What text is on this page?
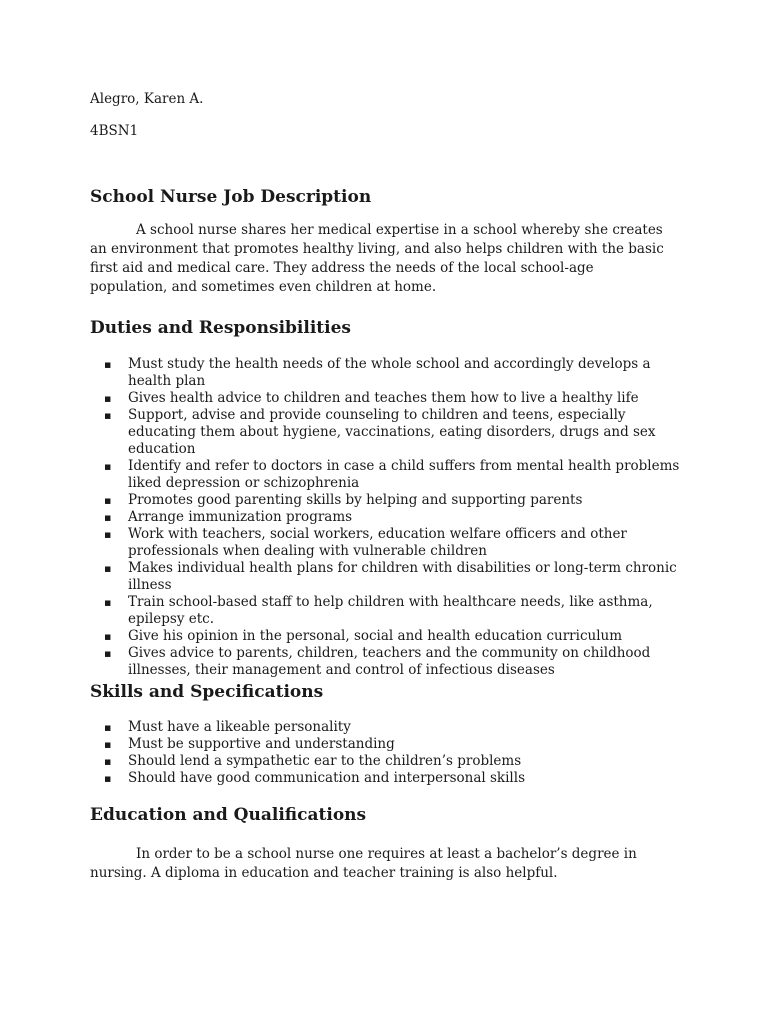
Alegro, Karen A.
4BSN1
School Nurse Job Description
A school nurse shares her medical expertise in a school whereby she creates an environment that promotes healthy living, and also helps children with the basic first aid and medical care. They address the needs of the local school-age population, and sometimes even children at home.
Duties and Responsibilities
▪ Must study the health needs of the whole school and accordingly develops a health plan
▪ Gives health advice to children and teaches them how to live a healthy life
▪ Support, advise and provide counseling to children and teens, especially educating them about hygiene, vaccinations, eating disorders, drugs and sex education
▪ Identify and refer to doctors in case a child suffers from mental health problems liked depression or schizophrenia
▪ Promotes good parenting skills by helping and supporting parents
▪ Arrange immunization programs
▪ Work with teachers, social workers, education welfare officers and other professionals when dealing with vulnerable children
▪ Makes individual health plans for children with disabilities or long-term chronic illness
▪ Train school-based staff to help children with healthcare needs, like asthma, epilepsy etc.
▪ Give his opinion in the personal, social and health education curriculum
▪ Gives advice to parents, children, teachers and the community on childhood illnesses, their management and control of infectious diseases
Skills and Specifications
▪ Must have a likeable personality
▪ Must be supportive and understanding
▪ Should lend a sympathetic ear to the children’s problems
▪ Should have good communication and interpersonal skills
Education and Qualifications
In order to be a school nurse one requires at least a bachelor’s degree in nursing. A diploma in education and teacher training is also helpful.
